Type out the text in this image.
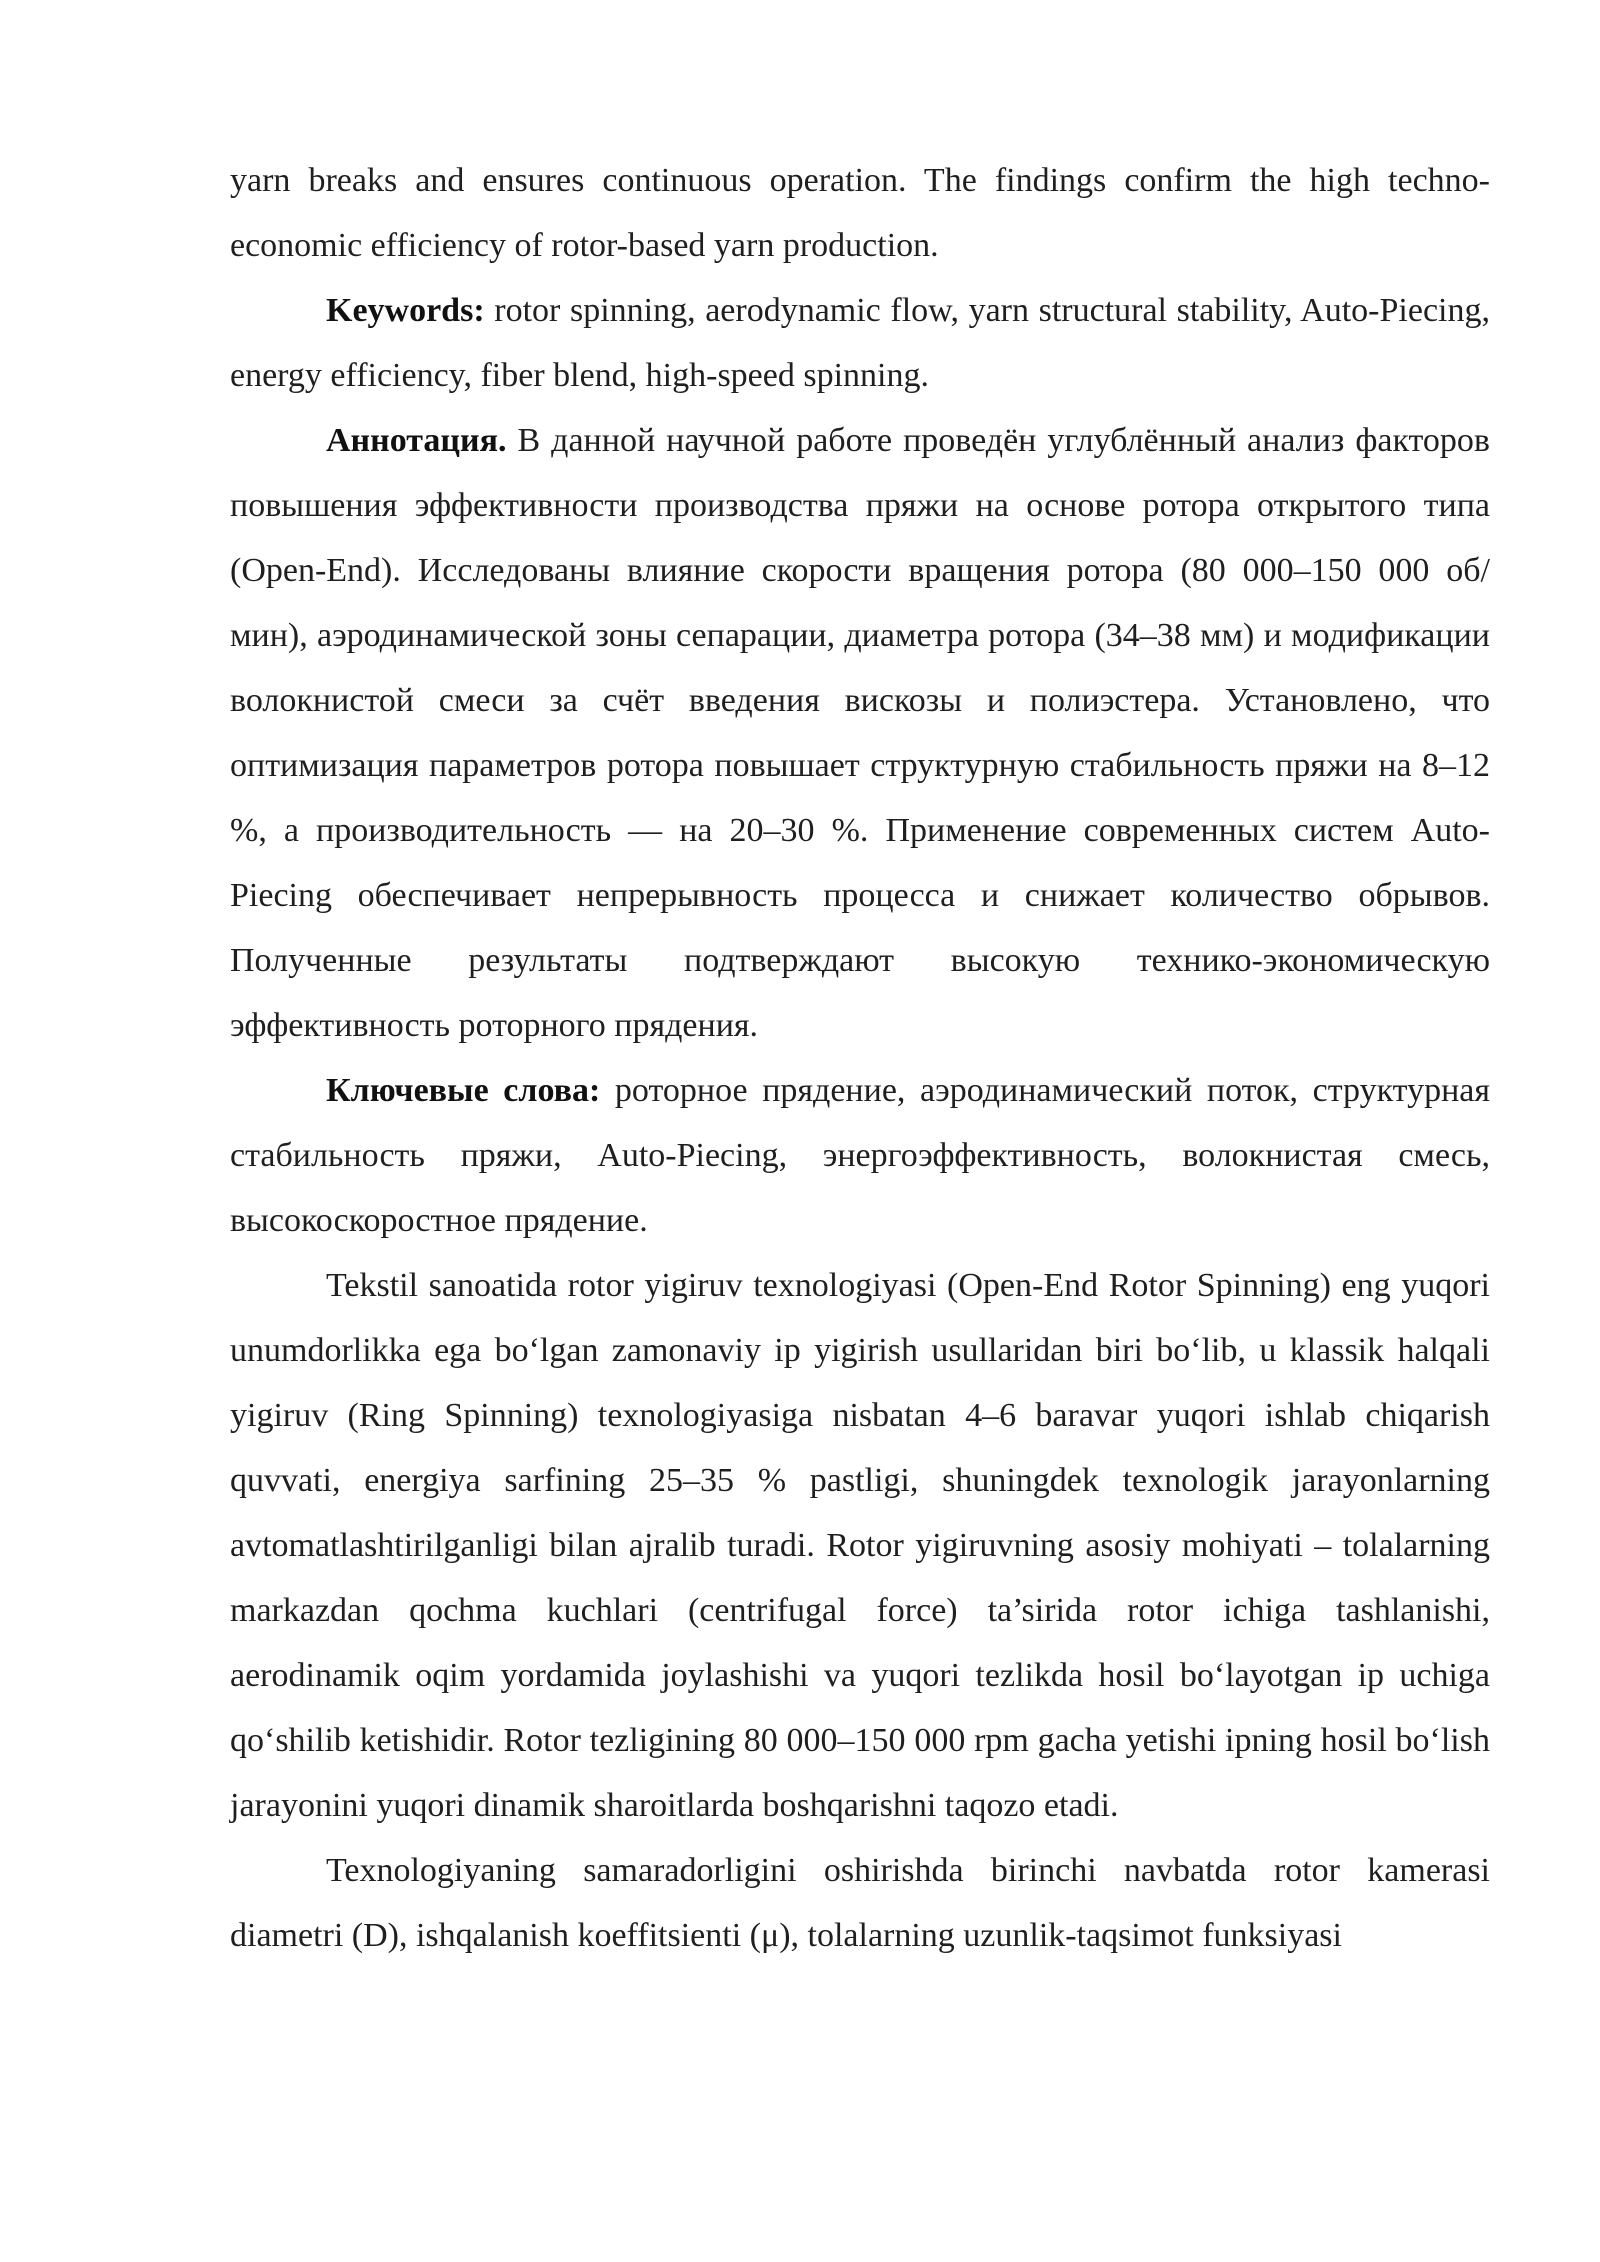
yarn breaks and ensures continuous operation. The findings confirm the high techno-economic efficiency of rotor-based yarn production.

Keywords: rotor spinning, aerodynamic flow, yarn structural stability, Auto-Piecing, energy efficiency, fiber blend, high-speed spinning.

Аннотация. В данной научной работе проведён углублённый анализ факторов повышения эффективности производства пряжи на основе ротора открытого типа (Open-End). Исследованы влияние скорости вращения ротора (80 000–150 000 об/мин), аэродинамической зоны сепарации, диаметра ротора (34–38 мм) и модификации волокнистой смеси за счёт введения вискозы и полиэстера. Установлено, что оптимизация параметров ротора повышает структурную стабильность пряжи на 8–12 %, а производительность — на 20–30 %. Применение современных систем Auto-Piecing обеспечивает непрерывность процесса и снижает количество обрывов. Полученные результаты подтверждают высокую технико-экономическую эффективность роторного прядения.

Ключевые слова: роторное прядение, аэродинамический поток, структурная стабильность пряжи, Auto-Piecing, энергоэффективность, волокнистая смесь, высокоскоростное прядение.

Tekstil sanoatida rotor yigiruv texnologiyasi (Open-End Rotor Spinning) eng yuqori unumdorlikka ega bo‘lgan zamonaviy ip yigirish usullaridan biri bo‘lib, u klassik halqali yigiruv (Ring Spinning) texnologiyasiga nisbatan 4–6 baravar yuqori ishlab chiqarish quvvati, energiya sarfining 25–35 % pastligi, shuningdek texnologik jarayonlarning avtomatlashtirilganligi bilan ajralib turadi. Rotor yigiruvning asosiy mohiyati – tolalarning markazdan qochma kuchlari (centrifugal force) ta’sirida rotor ichiga tashlanishi, aerodinamik oqim yordamida joylashishi va yuqori tezlikda hosil bo‘layotgan ip uchiga qo‘shilib ketishidir. Rotor tezligining 80 000–150 000 rpm gacha yetishi ipning hosil bo‘lish jarayonini yuqori dinamik sharoitlarda boshqarishni taqozo etadi.

Texnologiyaning samaradorligini oshirishda birinchi navbatda rotor kamerasi diametri (D), ishqalanish koeffitsienti (μ), tolalarning uzunlik-taqsimot funksiyasi
